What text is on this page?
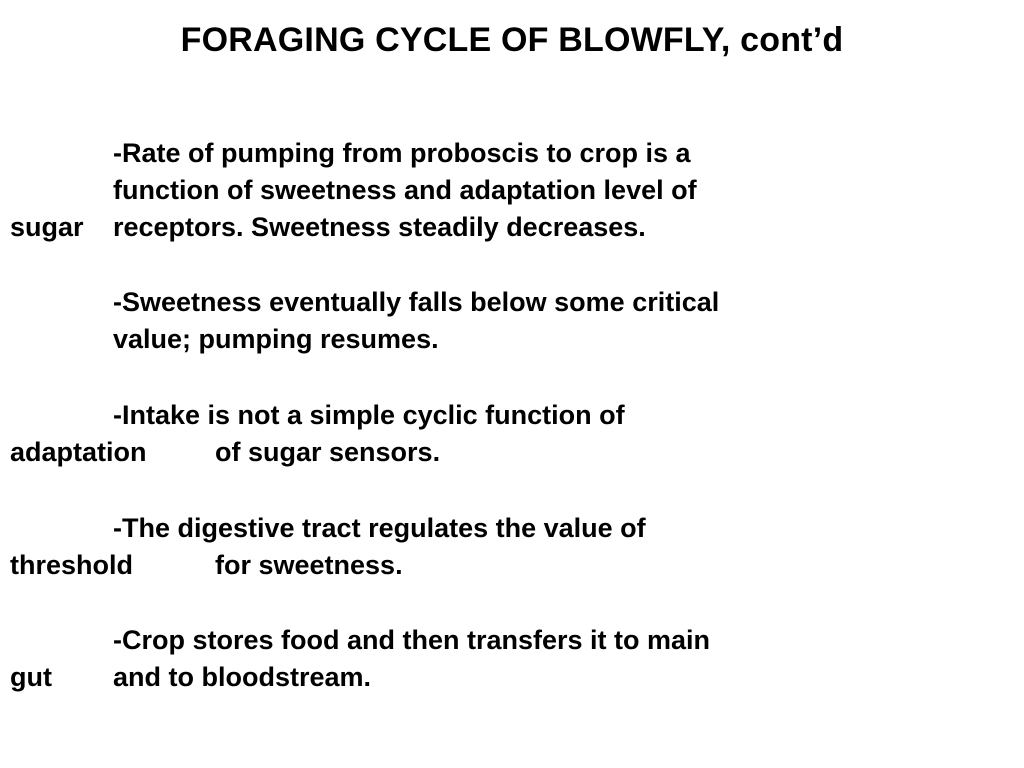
FORAGING CYCLE OF BLOWFLY, cont’d
-Rate of pumping from proboscis to crop is a
function of sweetness and adaptation level of
sugar receptors. Sweetness steadily decreases.
-Sweetness eventually falls below some critical
value; pumping resumes.
-Intake is not a simple cyclic function of
adaptation	of sugar sensors.
-The digestive tract regulates the value of
threshold	for sweetness.
-Crop stores food and then transfers it to main
gut and to bloodstream.
